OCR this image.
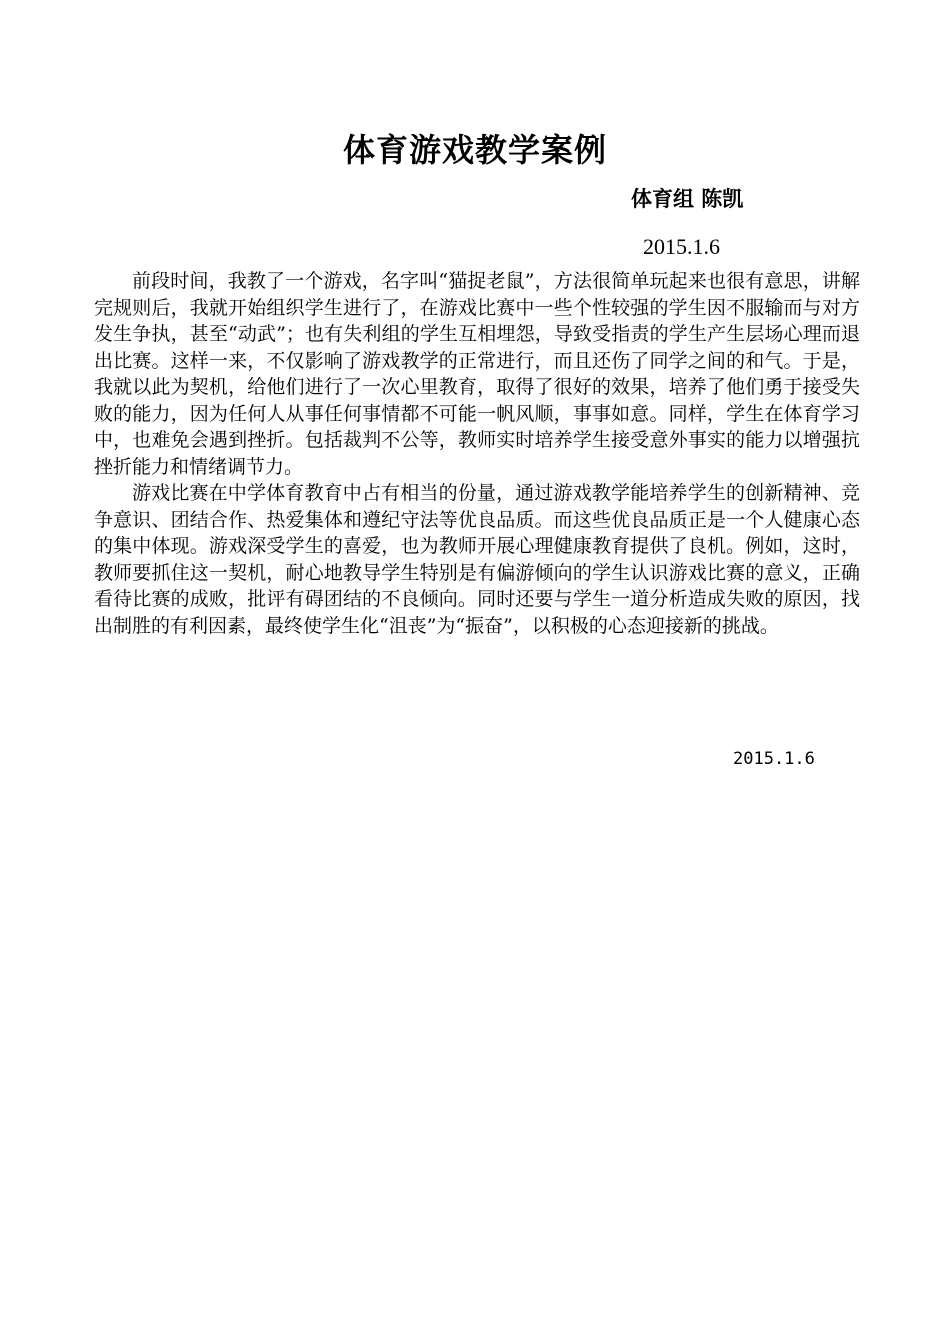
体育游戏教学案例
体育组 陈凯
2015.1.6

前段时间，我教了一个游戏，名字叫“猫捉老鼠”，方法很简单玩起来也很有意思，讲解完规则后，我就开始组织学生进行了，在游戏比赛中一些个性较强的学生因不服输而与对方发生争执，甚至“动武”；也有失利组的学生互相埋怨，导致受指责的学生产生层场心理而退出比赛。这样一来，不仅影响了游戏教学的正常进行，而且还伤了同学之间的和气。于是，我就以此为契机，给他们进行了一次心里教育，取得了很好的效果，培养了他们勇于接受失败的能力，因为任何人从事任何事情都不可能一帆风顺，事事如意。同样，学生在体育学习中，也难免会遇到挫折。包括裁判不公等，教师实时培养学生接受意外事实的能力以增强抗挫折能力和情绪调节力。

游戏比赛在中学体育教育中占有相当的份量，通过游戏教学能培养学生的创新精神、竞争意识、团结合作、热爱集体和遵纪守法等优良品质。而这些优良品质正是一个人健康心态的集中体现。游戏深受学生的喜爱，也为教师开展心理健康教育提供了良机。例如，这时，教师要抓住这一契机，耐心地教导学生特别是有偏游倾向的学生认识游戏比赛的意义，正确看待比赛的成败，批评有碍团结的不良倾向。同时还要与学生一道分析造成失败的原因，找出制胜的有利因素，最终使学生化“沮丧”为“振奋”，以积极的心态迎接新的挑战。

2015.1.6
